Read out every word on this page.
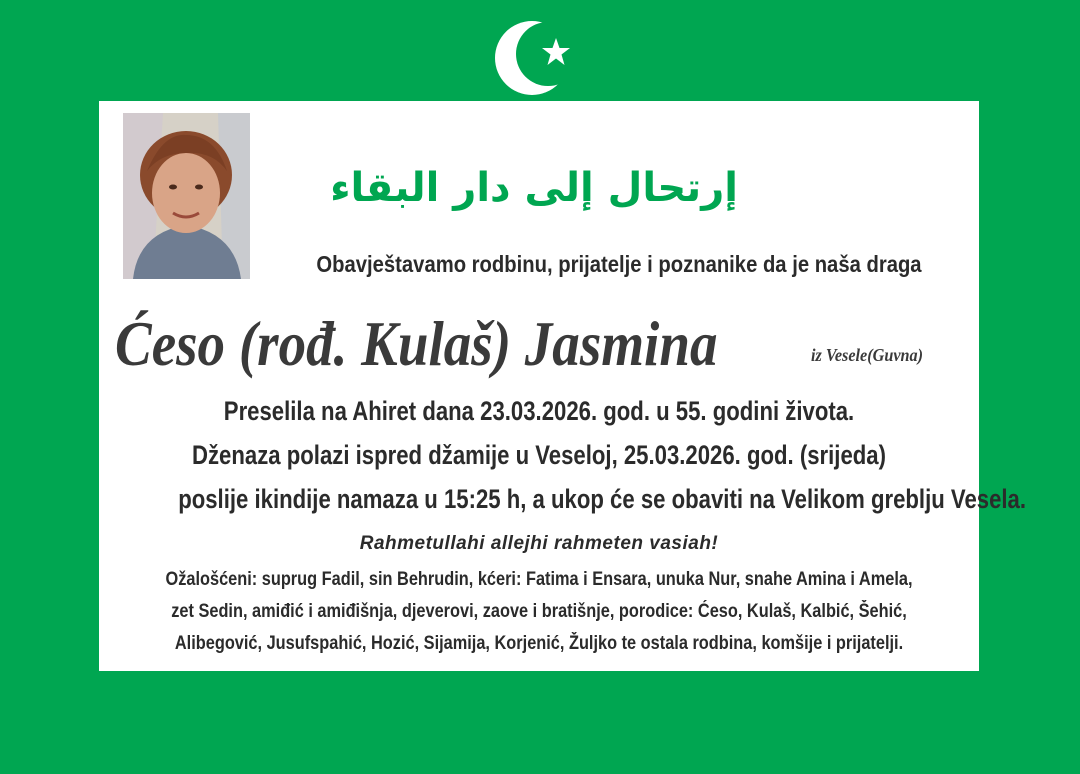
إرتحال إلى دار البقاء
Obavještavamo rodbinu, prijatelje i poznanike da je naša draga
Ćeso (rođ. Kulaš) Jasmina	iz Vesele(Guvna)
Preselila na Ahiret dana 23.03.2026. god. u 55. godini života.
Dženaza polazi ispred džamije u Veseloj, 25.03.2026. god. (srijeda)
poslije ikindije namaza u 15:25 h, a ukop će se obaviti na Velikom greblju Vesela.
Rahmetullahi allejhi rahmeten vasiah!
Ožalošćeni: suprug Fadil, sin Behrudin, kćeri: Fatima i Ensara, unuka Nur, snahe Amina i Amela,
zet Sedin, amiđić i amiđišnja, djeverovi, zaove i bratišnje, porodice: Ćeso, Kulaš, Kalbić, Šehić,
Alibegović, Jusufspahić, Hozić, Sijamija, Korjenić, Žuljko te ostala rodbina, komšije i prijatelji.
